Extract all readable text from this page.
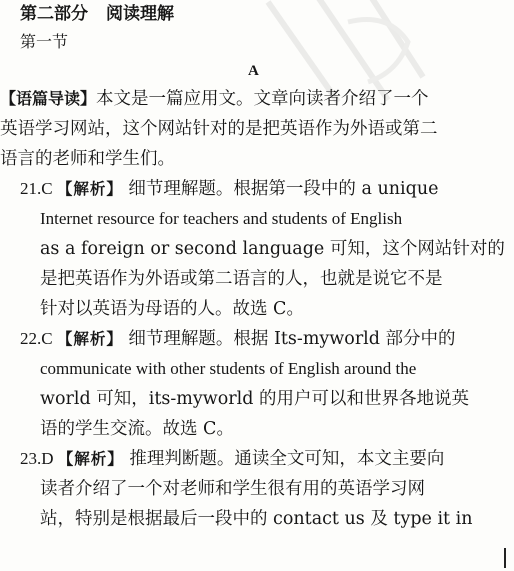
第二部分 阅读理解
第一节
A
【语篇导读】本文是一篇应用文。文章向读者介绍了一个
英语学习网站，这个网站针对的是把英语作为外语或第二
语言的老师和学生们。
21.C 【解析】 细节理解题。根据第一段中的 a unique
Internet resource for teachers and students of English
as a foreign or second language 可知，这个网站针对的
是把英语作为外语或第二语言的人，也就是说它不是
针对以英语为母语的人。故选 C。
22.C 【解析】 细节理解题。根据 Its-myworld 部分中的
communicate with other students of English around the
world 可知，its-myworld 的用户可以和世界各地说英
语的学生交流。故选 C。
23.D 【解析】 推理判断题。通读全文可知，本文主要向
读者介绍了一个对老师和学生很有用的英语学习网
站，特别是根据最后一段中的 contact us 及 type it in
